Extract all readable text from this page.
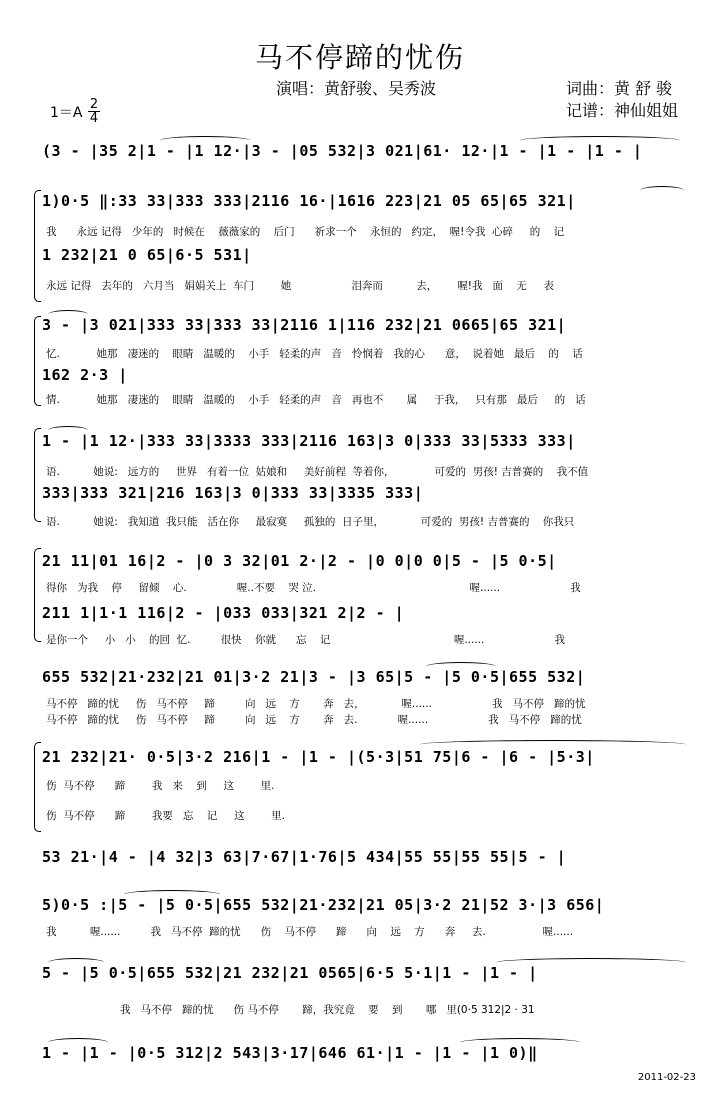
马不停蹄的忧伤
演唱：黄舒骏、吴秀波	词曲：黄 舒 骏
记谱：神仙姐姐
1＝A
2
4
(3 - |35 2|1 - |1 12·|3 - |05 532|3 021|61· 12·|1 - |1 - |1 - |
1)0·5 ‖:33 33|333 333|2116 16·|1616 223|21 05 65|65 321|
我      永远 记得   少年的   时候在    薇薇家的    后门      祈求一个    永恒的   约定，  喔!令我  心碎     的    记
1 232|21 0 65|6·5 531|
永远 记得   去年的   六月当   娟娟关上  车门        她                  泪奔而          去，      喔!我   面    无     表
3 - |3 021|333 33|333 33|2116 1|116 232|21 0665|65 321|
忆.           她那   凄迷的    眼睛   温暖的    小手   轻柔的声   音   怜悯着   我的心      意，  说着她   最后    的    话
162 2·3 |
情.           她那   凄迷的    眼睛   温暖的    小手   轻柔的声   音   再也不       属     于我，   只有那   最后     的   话
1 - |1 12·|333 33|3333 333|2116 163|3 0|333 33|5333 333|
语.          她说:   远方的     世界   有着一位  姑娘和     美好前程  等着你，            可爱的  男孩! 吉普赛的    我不值
333|333 321|216 163|3 0|333 33|3335 333|
语.          她说:   我知道  我只能   活在你     最寂寞     孤独的  日子里，           可爱的  男孩! 吉普赛的    你我只
21 11|01 16|2 - |0 3 32|01 2·|2 - |0 0|0 0|5 - |5 0·5|
得你   为我    停     留倾    心.               喔..不要    哭 泣.                                              喔......                     我
211 1|1·1 116|2 - |033 033|321 2|2 - |
是你一个     小   小    的回  忆.         很快    你就      忘    记                                     喔......                     我
655 532|21·232|21 01|3·2 21|3 - |3 65|5 - |5 0·5|655 532|
马不停   蹄的忧     伤   马不停     蹄         向   远    方       奔   去，           喔......                  我   马不停   蹄的忧
马不停   蹄的忧     伤   马不停     蹄         向   远    方       奔   去.            喔......                  我   马不停   蹄的忧
21 232|21· 0·5|3·2 216|1 - |1 - |(5·3|51 75|6 - |6 - |5·3|
伤  马不停      蹄        我   来    到     这        里.
伤  马不停      蹄        我要   忘    记     这        里.
53 21·|4 - |4 32|3 63|7·67|1·76|5 434|55 55|55 55|5 - |
5)0·5 :|5 - |5 0·5|655 532|21·232|21 05|3·2 21|52 3·|3 656|
我          喔......         我   马不停  蹄的忧      伤    马不停      蹄      向    远    方      奔     去.                 喔......
5 - |5 0·5|655 532|21 232|21 0565|6·5 5·1|1 - |1 - |
我   马不停   蹄的忧      伤 马不停       蹄，我究竟    要    到       哪   里(0·5 312|2 · 31
1 - |1 - |0·5 312|2 543|3·17|646 61·|1 - |1 - |1 0)‖
2011-02-23
